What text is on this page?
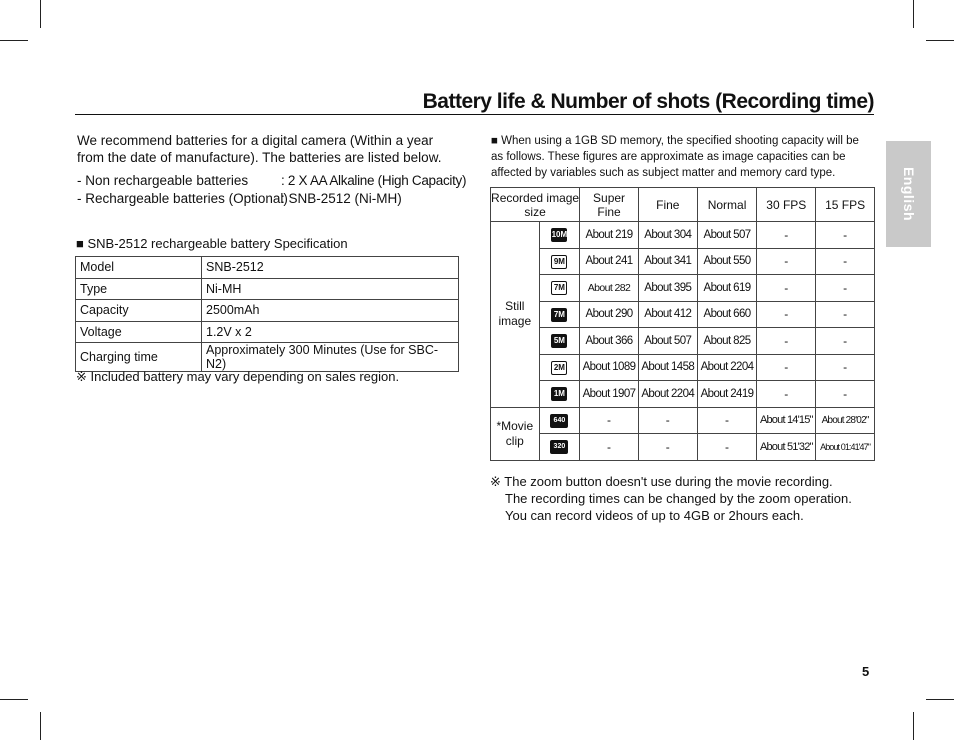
Battery life & Number of shots (Recording time)
We recommend batteries for a digital camera (Within a year from the date of manufacture). The batteries are listed below.
- Non rechargeable batteries : 2 X AA Alkaline (High Capacity)
- Rechargeable batteries (Optional)
: SNB-2512 (Ni-MH)
■ SNB-2512 rechargeable battery Specification
Model	SNB-2512
Type	Ni-MH
Capacity	2500mAh
Voltage	1.2V x 2
Charging time	Approximately 300 Minutes (Use for SBC-N2)
※ Included battery may vary depending on sales region.
■ When using a 1GB SD memory, the specified shooting capacity will be as follows. These figures are approximate as image capacities can be affected by variables such as subject matter and memory card type.
Recorded image size		Super Fine	Fine	Normal	30 FPS	15 FPS
Still image	10M	About 219	About 304	About 507	-	-
	9M	About 241	About 341	About 550	-	-
	7M	About 282	About 395	About 619	-	-
	7M	About 290	About 412	About 660	-	-
	5M	About 366	About 507	About 825	-	-
	2M	About 1089	About 1458	About 2204	-	-
	1M	About 1907	About 2204	About 2419	-	-
*Movie clip	640	-	-	-	About 14'15"	About 28'02"
	320	-	-	-	About 51'32"	About 01:41'47"
※ The zoom button doesn't use during the movie recording.
The recording times can be changed by the zoom operation.
You can record videos of up to 4GB or 2hours each.
English
5
